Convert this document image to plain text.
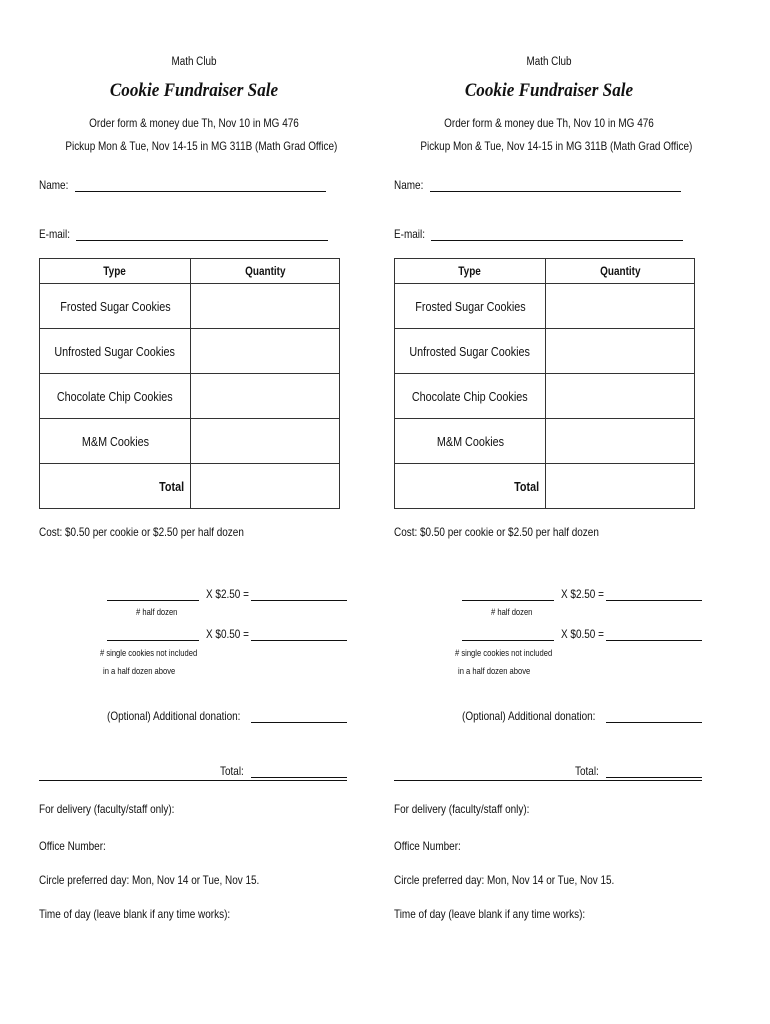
Math Club
Cookie Fundraiser Sale
Order form & money due Th, Nov 10 in MG 476
Pickup Mon & Tue, Nov 14-15 in MG 311B (Math Grad Office)
Name:
E-mail:
Type	Quantity
Frosted Sugar Cookies	
Unfrosted Sugar Cookies	
Chocolate Chip Cookies	
M&M Cookies	
Total	
Cost: $0.50 per cookie or $2.50 per half dozen
X $2.50 =
# half dozen
X $0.50 =
# single cookies not included
in a half dozen above
(Optional) Additional donation:
Total:
For delivery (faculty/staff only):
Office Number:
Circle preferred day: Mon, Nov 14 or Tue, Nov 15.
Time of day (leave blank if any time works):
Math Club
Cookie Fundraiser Sale
Order form & money due Th, Nov 10 in MG 476
Pickup Mon & Tue, Nov 14-15 in MG 311B (Math Grad Office)
Name:
E-mail:
Type	Quantity
Frosted Sugar Cookies	
Unfrosted Sugar Cookies	
Chocolate Chip Cookies	
M&M Cookies	
Total	
Cost: $0.50 per cookie or $2.50 per half dozen
X $2.50 =
# half dozen
X $0.50 =
# single cookies not included
in a half dozen above
(Optional) Additional donation:
Total:
For delivery (faculty/staff only):
Office Number:
Circle preferred day: Mon, Nov 14 or Tue, Nov 15.
Time of day (leave blank if any time works):
